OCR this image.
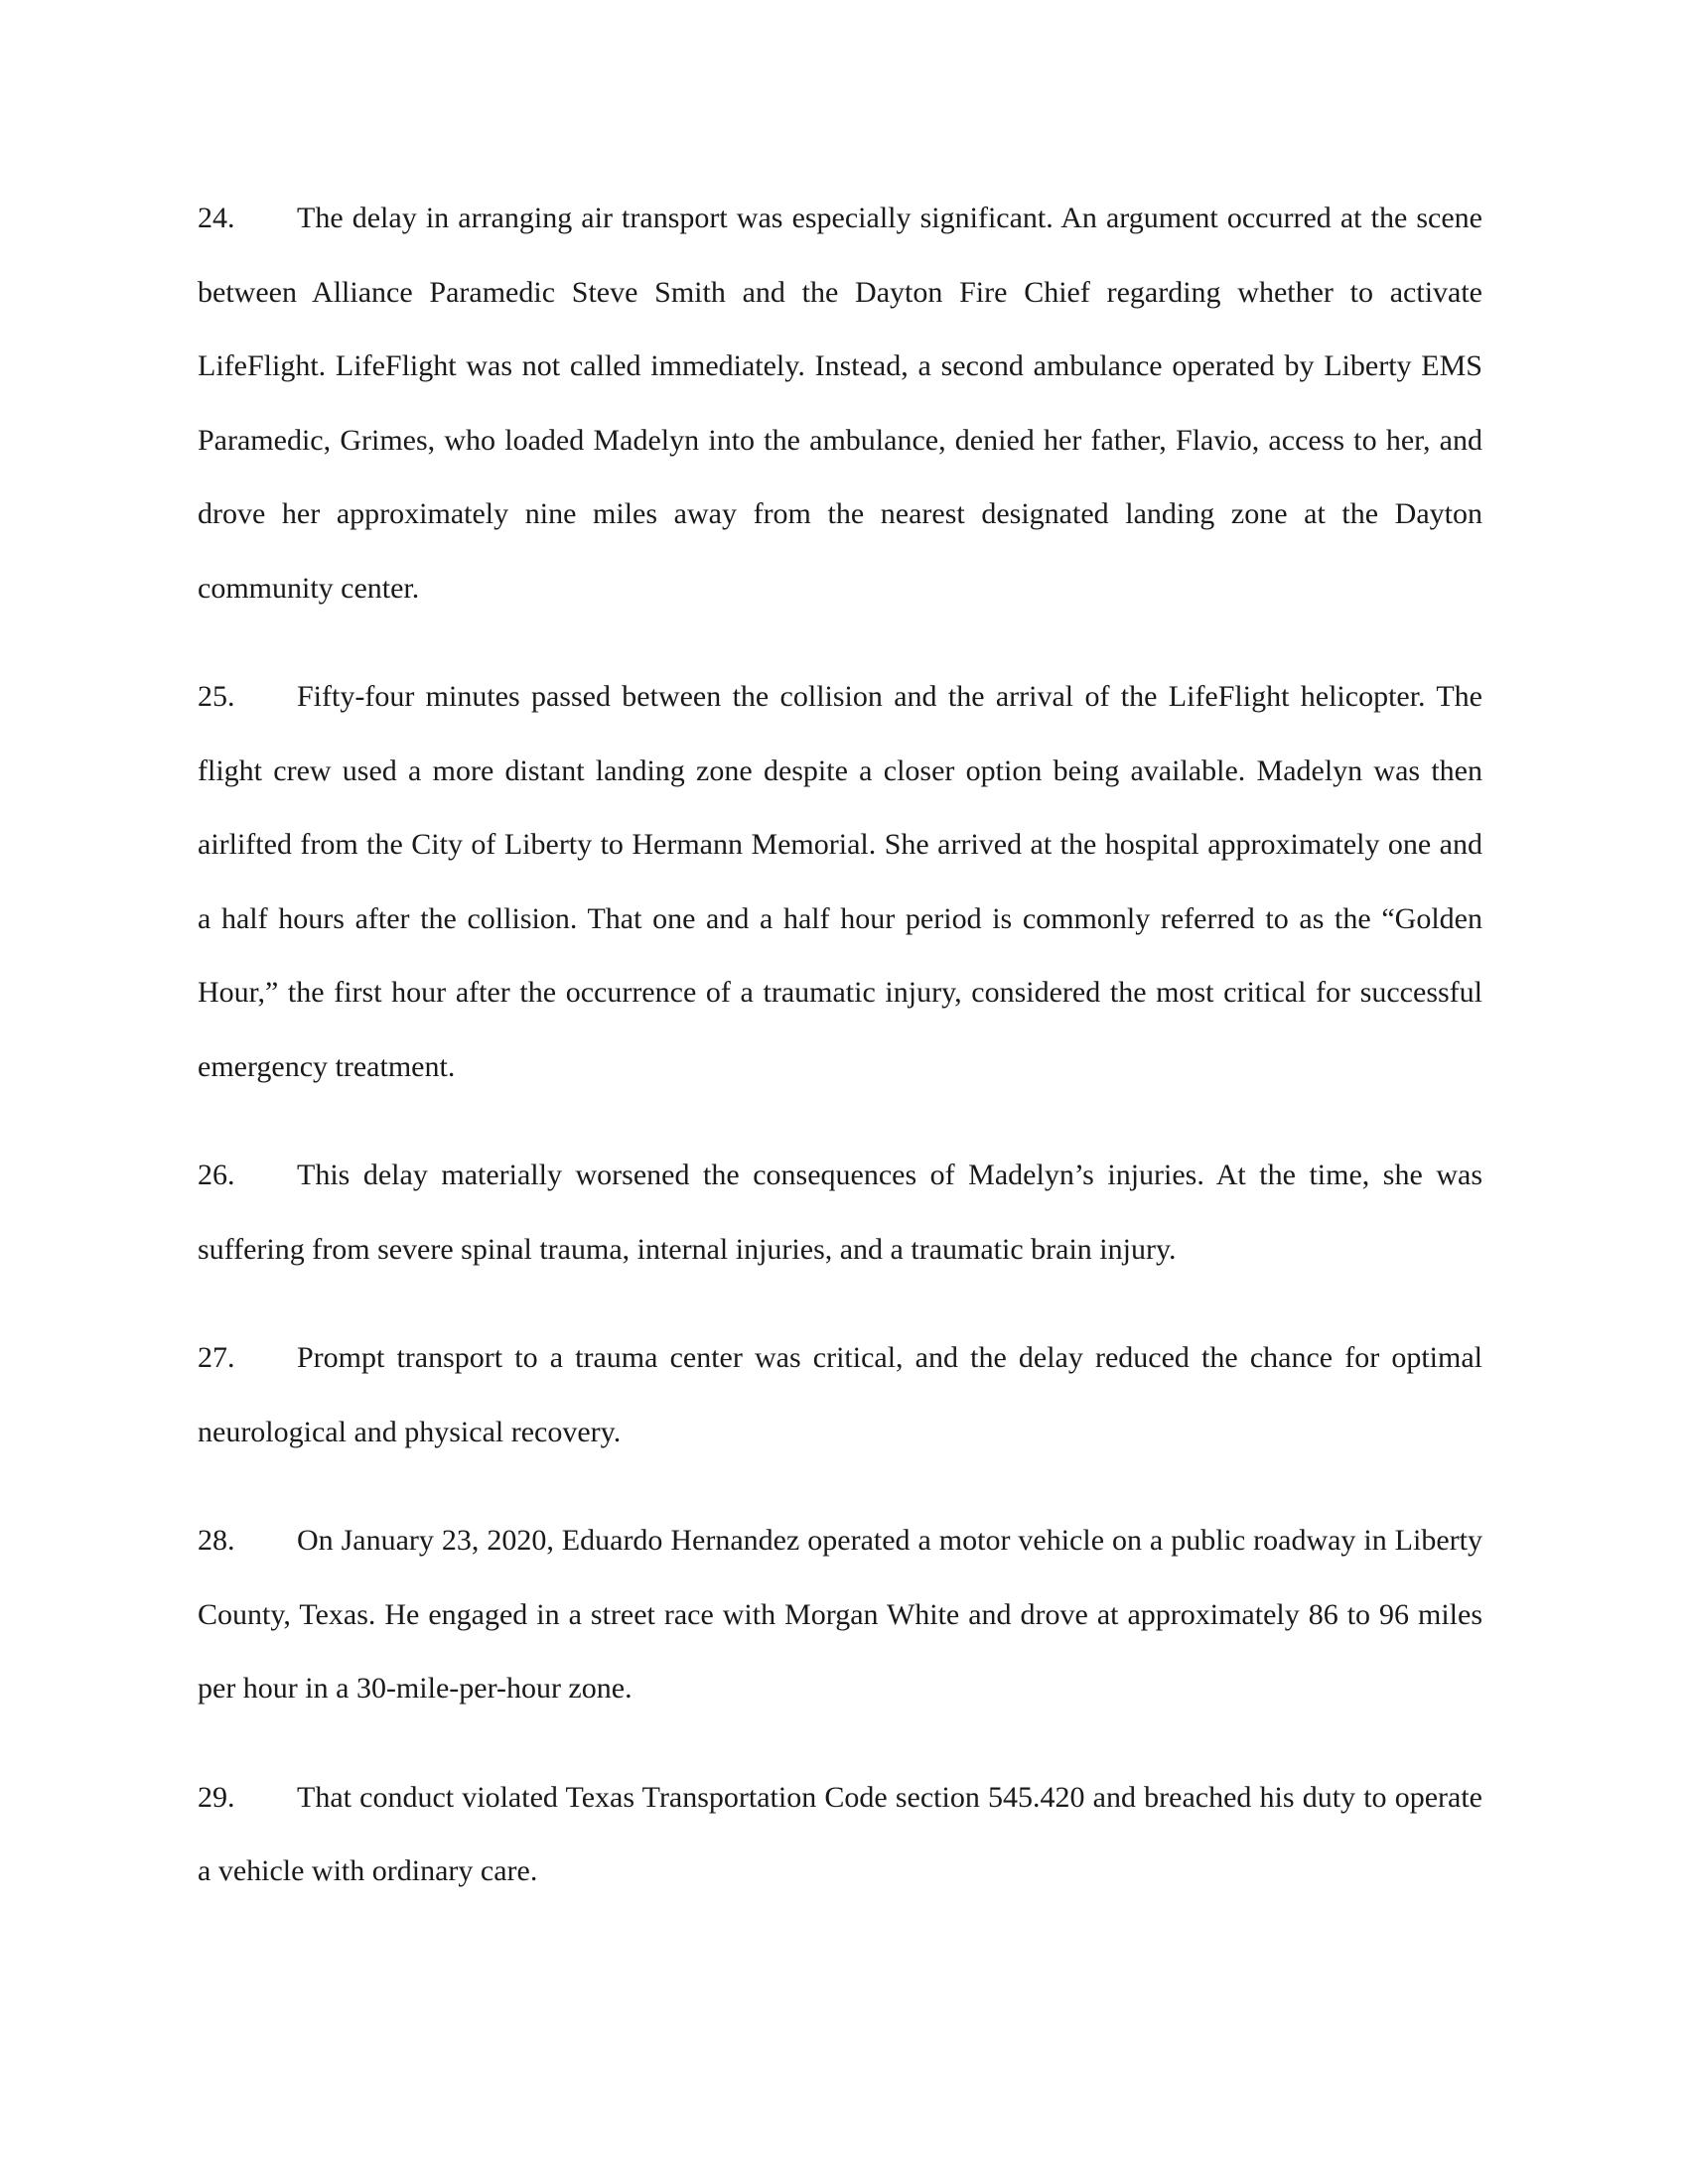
24. The delay in arranging air transport was especially significant. An argument occurred at the scene between Alliance Paramedic Steve Smith and the Dayton Fire Chief regarding whether to activate LifeFlight. LifeFlight was not called immediately. Instead, a second ambulance operated by Liberty EMS Paramedic, Grimes, who loaded Madelyn into the ambulance, denied her father, Flavio, access to her, and drove her approximately nine miles away from the nearest designated landing zone at the Dayton community center.

25. Fifty-four minutes passed between the collision and the arrival of the LifeFlight helicopter. The flight crew used a more distant landing zone despite a closer option being available. Madelyn was then airlifted from the City of Liberty to Hermann Memorial. She arrived at the hospital approximately one and a half hours after the collision. That one and a half hour period is commonly referred to as the “Golden Hour,” the first hour after the occurrence of a traumatic injury, considered the most critical for successful emergency treatment.

26. This delay materially worsened the consequences of Madelyn’s injuries. At the time, she was suffering from severe spinal trauma, internal injuries, and a traumatic brain injury.

27. Prompt transport to a trauma center was critical, and the delay reduced the chance for optimal neurological and physical recovery.

28. On January 23, 2020, Eduardo Hernandez operated a motor vehicle on a public roadway in Liberty County, Texas. He engaged in a street race with Morgan White and drove at approximately 86 to 96 miles per hour in a 30-mile-per-hour zone.

29. That conduct violated Texas Transportation Code section 545.420 and breached his duty to operate a vehicle with ordinary care.
